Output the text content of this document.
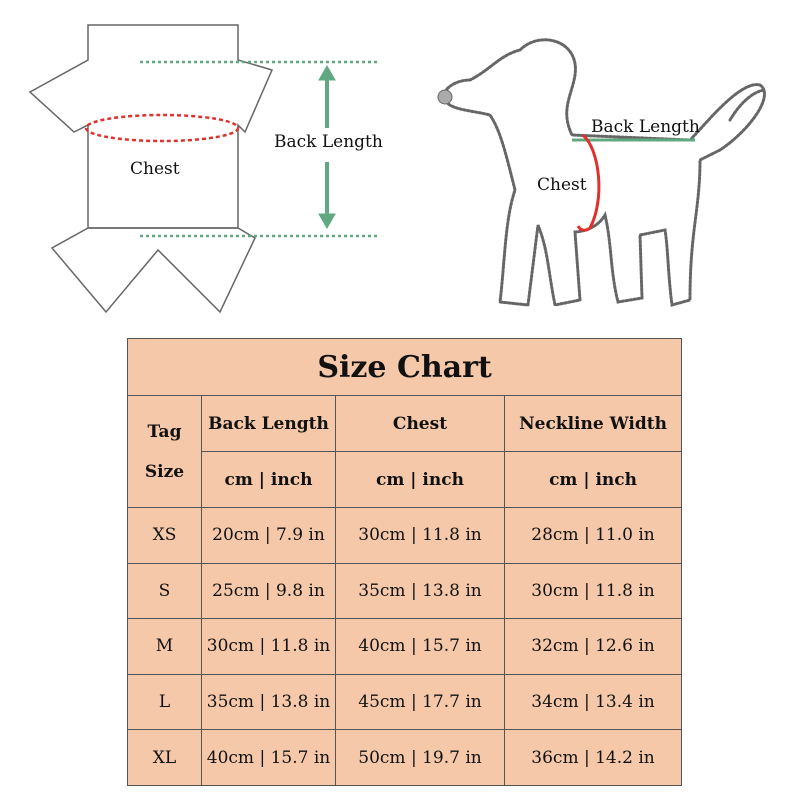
Chest
Back Length
Chest
Back Length
Size Chart			
Tag
Size	Back Length	Chest	Neckline Width
	cm | inch	cm | inch	cm | inch
XS	20cm | 7.9 in	30cm | 11.8 in	28cm | 11.0 in
S	25cm | 9.8 in	35cm | 13.8 in	30cm | 11.8 in
M	30cm | 11.8 in	40cm | 15.7 in	32cm | 12.6 in
L	35cm | 13.8 in	45cm | 17.7 in	34cm | 13.4 in
XL	40cm | 15.7 in	50cm | 19.7 in	36cm | 14.2 in
